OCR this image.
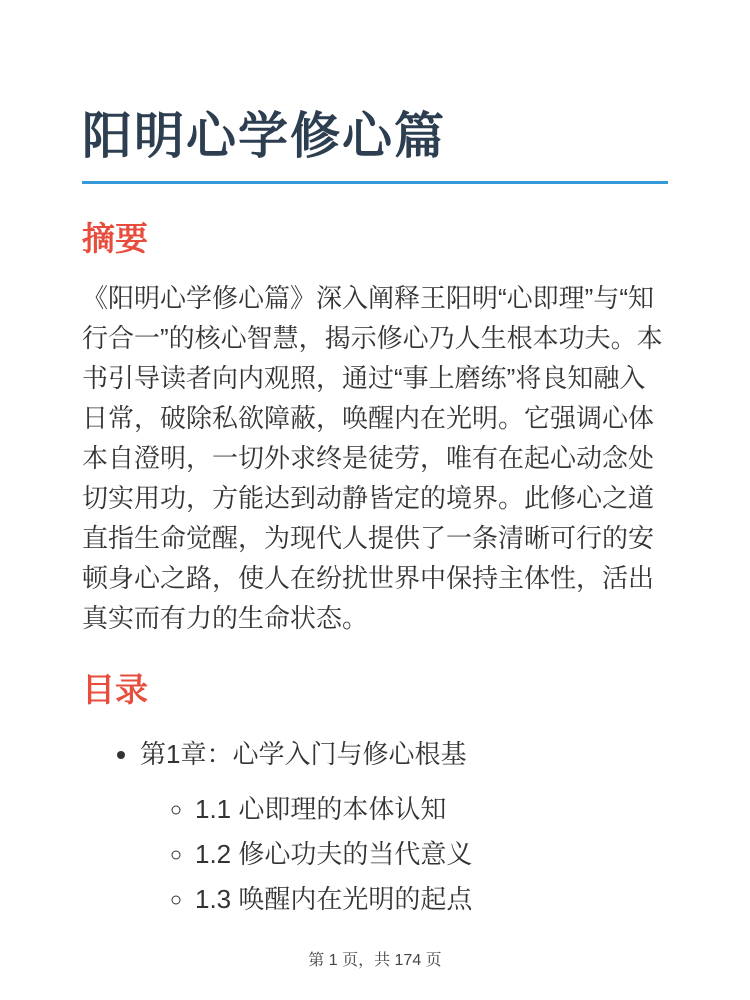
阳明心学修心篇
摘要

《阳明心学修心篇》深入阐释王阳明“心即理”与“知行合一”的核心智慧，揭示修心乃人生根本功夫。本书引导读者向内观照，通过“事上磨练”将良知融入日常，破除私欲障蔽，唤醒内在光明。它强调心体本自澄明，一切外求终是徒劳，唯有在起心动念处切实用功，方能达到动静皆定的境界。此修心之道直指生命觉醒，为现代人提供了一条清晰可行的安顿身心之路，使人在纷扰世界中保持主体性，活出真实而有力的生命状态。

目录
• 第1章：心学入门与修心根基
◦ 1.1 心即理的本体认知
◦ 1.2 修心功夫的当代意义
◦ 1.3 唤醒内在光明的起点
第 1 页，共 174 页
